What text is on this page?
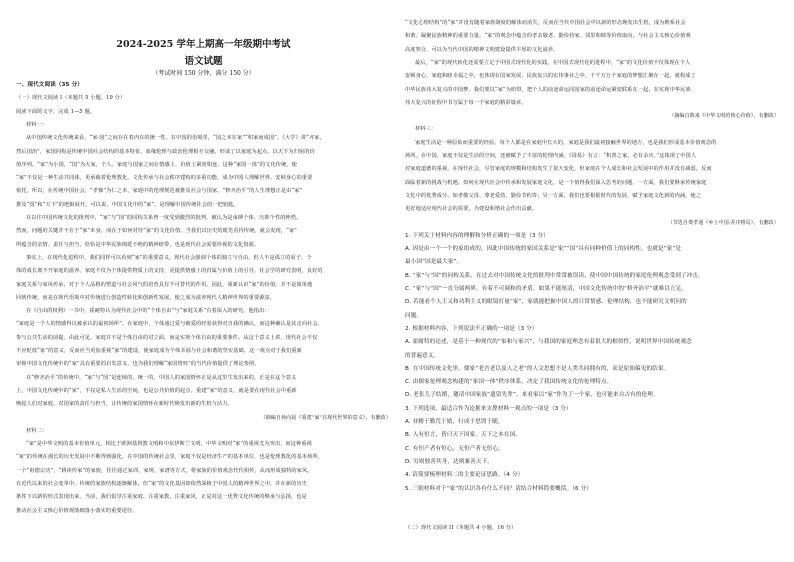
2024-2025 学年上期高一年级期中考试
语文试题
（考试时间 150 分钟，满分 150 分）
一、现代文阅读（35 分）
（一）现代文阅读 I（本题共 5 小题，19 分）
阅读下面的文字，完成 1—5 题。
材料一：
从中国传统文化传统来看，“家-国”之间存在着内在的统一性。在中国的语境里，“国之本在家”“积家而成国”。《大学》讲“齐家，
然后国治”，家国同构是传统中国社会结构的基本特征。血缘伦理与政治伦理相互交融，形成了以家庭为起点、以天下为归宿的价
值序列。“家”为小国，“国”为大家，个人、家庭与国家之间在情感上、价值上紧密相连。这种“家国一体”的文化传统，使
“家”不仅是一种生活共同体，更承载着伦理教化、文化传承与社会秩序建构的多重功能，成为中国人理解世界、安顿身心的重要
依托。所以，在传统中国社会，“孝悌”为仁之本，家庭中的伦理规范被推及社会与国家，“修齐治平”的人生理想正是由“家”
推及“国”和“天下”的逻辑展开。可以说，中国文化中的“家”，是理解中国传统社会的一把钥匙。
在以往中国传统文化的批判中，“家”与“国”的同构关系曾一度受到激烈的批判，被认为是束缚个体、压抑个性的桎梏。
然而，问题的关键并不在于“家”本身，而在于如何对待“家”的文化价值。当我们以历史的眼光看待传统，就会发现，“家”
所蕴含的亲情、责任与担当，恰恰是中华民族绵延不绝的精神纽带，也是现代社会需要珍视的文化资源。
事实上，在现代化进程中，我们同样可以看到“家”的重要意义。现代社会强调个体的独立与自由，但人不是孤立的原子，个
体的成长离不开家庭的滋养。家庭不仅为个体提供物质上的支持，更提供情感上的归属与价值上的引导。社会学的研究表明，良好的
家庭关系与家风传承，对于个人品格的塑造与社会风气的培育具有不可替代的作用。因此，重新认识“家”的价值，并不是简单地
回到传统，而是在现代语境中对传统进行创造性转化和创新性发展，使之成为滋养现代人精神世界的重要源泉。
在《自由的权利》一书中，霍耐特认为现代社会中的“个体自由”与“家庭关系”有着深入的研究。他指出：
“家庭是一个人的情感得以被承认的最初场所”。在家庭中，个体通过爱与被爱的经验获得对自我的确认，而这种确认是其走向社会、
参与公共生活的前提。由此可见，家庭并不是个体自由的对立面，而是实现个体自由的重要条件。从这个意义上讲，现代社会不仅
不应贬低“家”的意义，反而应当更加重视“家”的建设，使家庭成为个体幸福与社会和谐的坚实基础。这一观点对于我们重新
审视中国文化传统中的“家”具有重要的启发意义，也为我们理解“家国情怀”的当代价值提供了理论参照。
在“修齐治平”的传统中，“家”与“国”是连续的、统一的，中国人的家国情怀正是从这里生发出来的。正是在这个意义
上，中国文化传统中的“家”，不仅是私人生活的空间，也是公共价值的起点。重建“家”的意义，就是要在现代社会中重新
唤起人们对家庭、对国家的责任与担当，让传统的家国情怀在新时代焕发出新的生机与活力。
（摘编自孙向晨《重建“家”在现代世界的意义》，有删改）
材料二：
“家”是中华文明的基本价值单元，相比于欧洲基督教文明和中东伊斯兰文明，中华文明对“家”的重视尤为突出，而这种重视
“家”的传统在漫长的历史发展中不断得到强化。在中国的传统社会里，家庭不仅是经济生产的基本单位，也是伦理教化的基本场所。
一个“祖德宗功”、“耕读传家”的家族，往往通过家训、家规、家谱等方式，将家族的价值观念代代相传，从而形成独特的家风。
在近代以来的社会变革中，传统的家族结构逐渐解体，但“家”的文化基因却依然深植于中国人的精神世界之中，并在新的历史
条件下以新的形式表现出来。当前，我们倡导注重家庭、注重家教、注重家风，正是对这一优秀文化传统的继承与弘扬，也是
推动社会主义核心价值观落细落小落实的重要途径。
“文化心理结构”的“家”并没有随着家族制度的解体而消失，反而在当代中国社会中以新的形态焕发出生机，成为维系社会
和谐、凝聚民族精神的重要力量。“家”的观念中蕴含的孝亲敬老、勤俭持家、邻里和睦等价值取向，与社会主义核心价值观
高度契合，可以为当代中国的精神文明建设提供丰厚的文化滋养。
最后，“家”的现代转化还需要立足于中国式现代化的实践。在中国式现代化的进程中，“家”的文化价值不仅体现在个人
安顿身心、家庭和睦幸福之中，也体现在国家发展、民族复兴的宏伟事业之中。千千万万个家庭的梦想汇聚在一起，就构成了
中华民族伟大复兴的中国梦。我们要以“家”为纽带，把个人的前途命运同国家的前途命运紧密联系在一起，在实现中华民族
伟大复兴的征程中书写属于每一个家庭的精彩篇章。
（摘编自陈来《中华文明的核心价值》，有删改）
材料三：
家庭生活是一种原始而重要的经验。每个人都是在家庭中长大的，家庭是我们最初接触世界的地方，也是我们形成基本价值观念的
场所。在中国，家庭不仅是生活的空间，还被赋予了丰富的伦理内涵。《周易》有言：“积善之家，必有余庆。”这体现了中国人
对家庭道德的重视。在现代社会，尽管家庭的规模和结构发生了很大变化，但家庭在个人成长和社会发展中的作用并没有减弱，反而
面临着新的挑战与机遇。如何在现代社会中传承和发展家庭文化，是一个值得我们深入思考的问题。一方面，我们要继承传统家庭
文化中的优秀成分，如孝敬父母、尊老爱幼、勤俭节约等；另一方面，我们也要根据时代的发展，赋予家庭文化新的内涵，使之
更好地适应现代社会的需要，为建设和谐社会作出贡献。
（节选自费孝通《乡土中国·差序格局》，有删改）
1. 下列关于材料内容的理解和分析正确的一项是（3 分）
A. 因是由一个一个的家组成的，因此中国传统的家国关系是“家”“国”具有同种价值上的同构性，也就是“家”是
最小国“国是最大家”。
B. “家”与“国”的同构关系，在过去对中国传统文化的批判中常常被误读，使中国中国传统的家庭伦理观念受到了冲击。
C. “家”与“国”一直分属两界，有着不可调和的矛盾。如果不能厘清，中国文化传统中的“修齐治平”就难以立足。
D. 若能看个人主义和功利主义的眼镜打量“家”，家就能把握中国人的日常情感、伦理结构，也不能研究文明问的
问题。
2. 根据材料内容，下列说法不正确的一项是（3 分）
A. 霍耐特的论述，是基于一种现代的“家和与家兴”，与我国的家庭理念有着很大的相似性，说明世界中国传统观念
的普遍意义。
B. 在中国传统文化里，儒家“老吾老以及人之老”的人文思想不是人类共同拥有的，而是原始偏见的结果。
C. 由儒家伦理观念构建的“家国一体”秩序体系，决定了我国传统文化的伦理特点。
D. 老张儿子结婚，邀请中国家族“遗留先辈”，来看家以“家”作为了一个家，也可能来自古有的伦理。
3. 下列选项，最适合作为论据来支撑材料一观点的一项是（3 分）
A. 业精于勤荒于嬉，行成于思毁于随。
B. 人有恒言，皆曰天下国家。天下之本在国。
C. 有恒产者有恒心，无恒产者无恒心。
D. 穷则独善其身，达则兼善天下。
4. 请简要梳理材料二的主要论证思路。（4 分）
5. 三则材料对于“家”的认识各有什么不同？请结合材料简要概括。（6 分）
（二）现代文阅读 II（本题共 4 小题，16 分）
